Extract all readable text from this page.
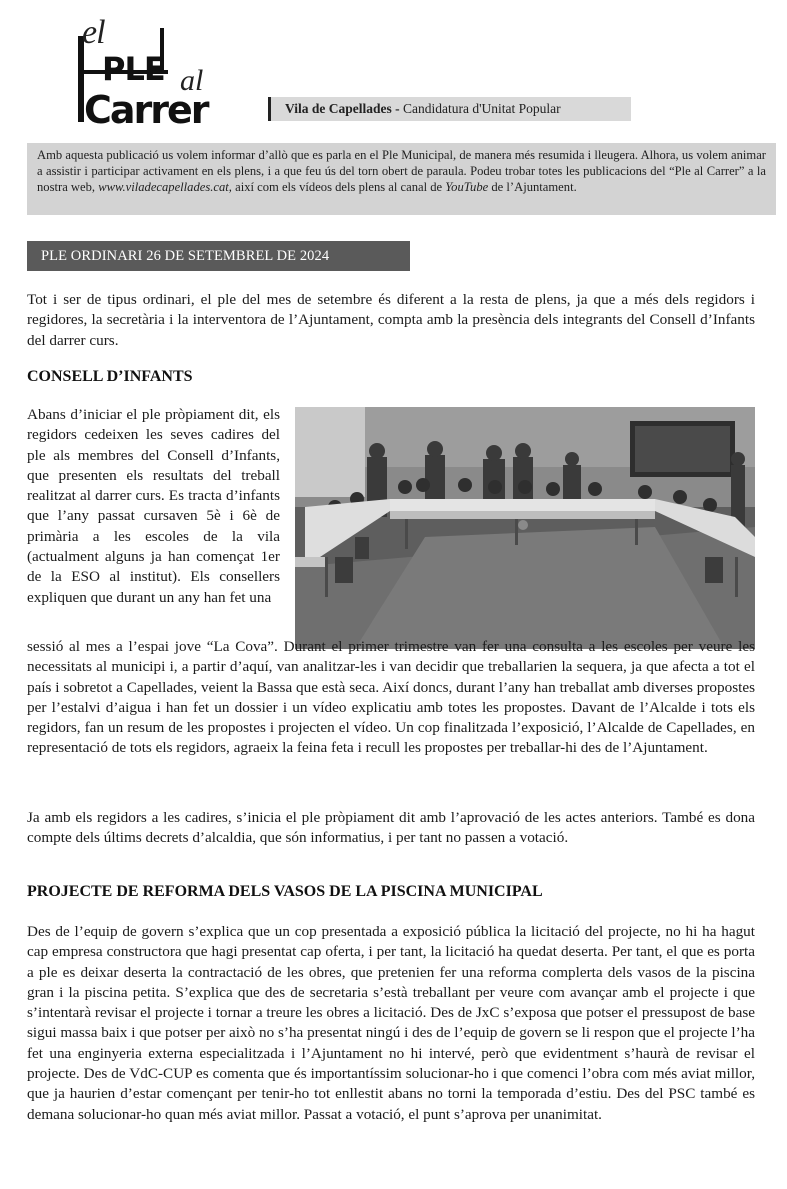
el
PLE al
Carrer	Vila de Capellades - Candidatura d'Unitat Popular
Amb aquesta publicació us volem informar d’allò que es parla en el Ple Municipal, de manera més resumida i lleugera. Alhora, us volem animar a assistir i participar activament en els plens, i a que feu ús del torn obert de paraula. Podeu trobar totes les publicacions del “Ple al Carrer” a la nostra web, www.viladecapellades.cat, així com els vídeos dels plens al canal de YouTube de l’Ajuntament.
PLE ORDINARI 26 DE SETEMBREL DE 2024

Tot i ser de tipus ordinari, el ple del mes de setembre és diferent a la resta de plens, ja que a més dels regidors i regidores, la secretària i la interventora de l’Ajuntament, compta amb la presència dels integrants del Consell d’Infants del darrer curs.

CONSELL D’INFANTS

Abans d’iniciar el ple pròpiament dit, els regidors cedeixen les seves cadires del ple als membres del Consell d’Infants, que presenten els resultats del treball realitzat al darrer curs. Es tracta d’infants que l’any passat cursaven 5è i 6è de primària a les escoles de la vila (actualment alguns ja han començat 1er de la ESO al institut). Els consellers expliquen que durant un any han fet una

sessió al mes a l’espai jove “La Cova”. Durant el primer trimestre van fer una consulta a les escoles per veure les necessitats al municipi i, a partir d’aquí, van analitzar-les i van decidir que treballarien la sequera, ja que afecta a tot el país i sobretot a Capellades, veient la Bassa que està seca. Així doncs, durant l’any han treballat amb diverses propostes per l’estalvi d’aigua i han fet un dossier i un vídeo explicatiu amb totes les propostes. Davant de l’Alcalde i tots els regidors, fan un resum de les propostes i projecten el vídeo. Un cop finalitzada l’exposició, l’Alcalde de Capellades, en representació de tots els regidors, agraeix la feina feta i recull les propostes per treballar-hi des de l’Ajuntament.

Ja amb els regidors a les cadires, s’inicia el ple pròpiament dit amb l’aprovació de les actes anteriors. També es dona compte dels últims decrets d’alcaldia, que són informatius, i per tant no passen a votació.

PROJECTE DE REFORMA DELS VASOS DE LA PISCINA MUNICIPAL

Des de l’equip de govern s’explica que un cop presentada a exposició pública la licitació del projecte, no hi ha hagut cap empresa constructora que hagi presentat cap oferta, i per tant, la licitació ha quedat deserta. Per tant, el que es porta a ple es deixar deserta la contractació de les obres, que pretenien fer una reforma complerta dels vasos de la piscina gran i la piscina petita. S’explica que des de secretaria s’està treballant per veure com avançar amb el projecte i que s’intentarà revisar el projecte i tornar a treure les obres a licitació. Des de JxC s’exposa que potser el pressupost de base sigui massa baix i que potser per això no s’ha presentat ningú i des de l’equip de govern se li respon que el projecte l’ha fet una enginyeria externa especialitzada i l’Ajuntament no hi intervé, però que evidentment s’haurà de revisar el projecte. Des de VdC-CUP es comenta que és importantíssim solucionar-ho i que comenci l’obra com més aviat millor, que ja haurien d’estar començant per tenir-ho tot enllestit abans no torni la temporada d’estiu. Des del PSC també es demana solucionar-ho quan més aviat millor. Passat a votació, el punt s’aprova per unanimitat.
